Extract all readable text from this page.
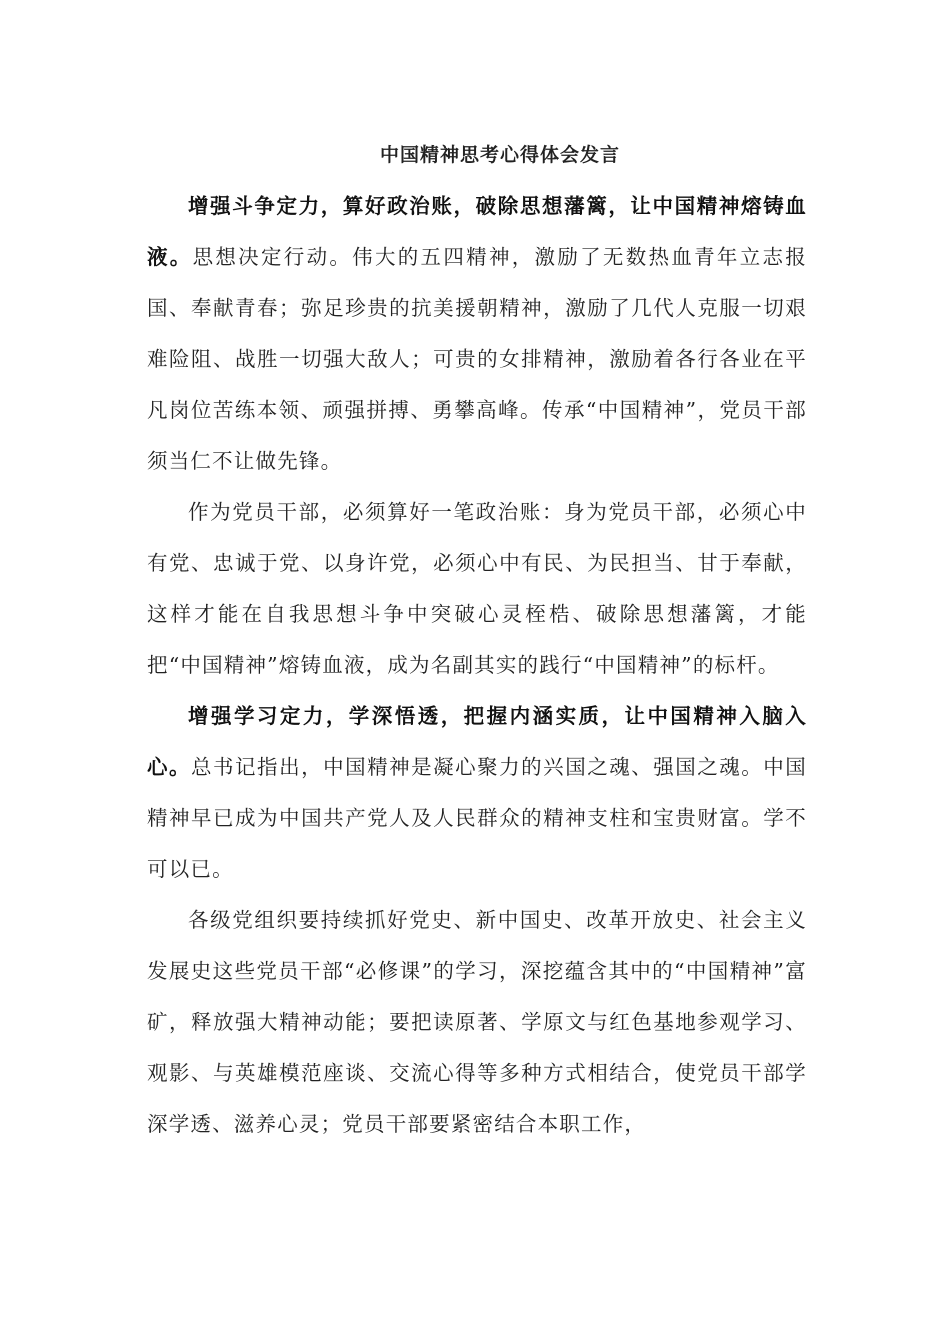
中国精神思考心得体会发言

增强斗争定力，算好政治账，破除思想藩篱，让中国精神熔铸血液。思想决定行动。伟大的五四精神，激励了无数热血青年立志报国、奉献青春；弥足珍贵的抗美援朝精神，激励了几代人克服一切艰难险阻、战胜一切强大敌人；可贵的女排精神，激励着各行各业在平凡岗位苦练本领、顽强拼搏、勇攀高峰。传承“中国精神”，党员干部须当仁不让做先锋。

作为党员干部，必须算好一笔政治账：身为党员干部，必须心中有党、忠诚于党、以身许党，必须心中有民、为民担当、甘于奉献，这样才能在自我思想斗争中突破心灵桎梏、破除思想藩篱，才能把“中国精神”熔铸血液，成为名副其实的践行“中国精神”的标杆。

增强学习定力，学深悟透，把握内涵实质，让中国精神入脑入心。总书记指出，中国精神是凝心聚力的兴国之魂、强国之魂。中国精神早已成为中国共产党人及人民群众的精神支柱和宝贵财富。学不可以已。

各级党组织要持续抓好党史、新中国史、改革开放史、社会主义发展史这些党员干部“必修课”的学习，深挖蕴含其中的“中国精神”富矿，释放强大精神动能；要把读原著、学原文与红色基地参观学习、观影、与英雄模范座谈、交流心得等多种方式相结合，使党员干部学深学透、滋养心灵；党员干部要紧密结合本职工作，
